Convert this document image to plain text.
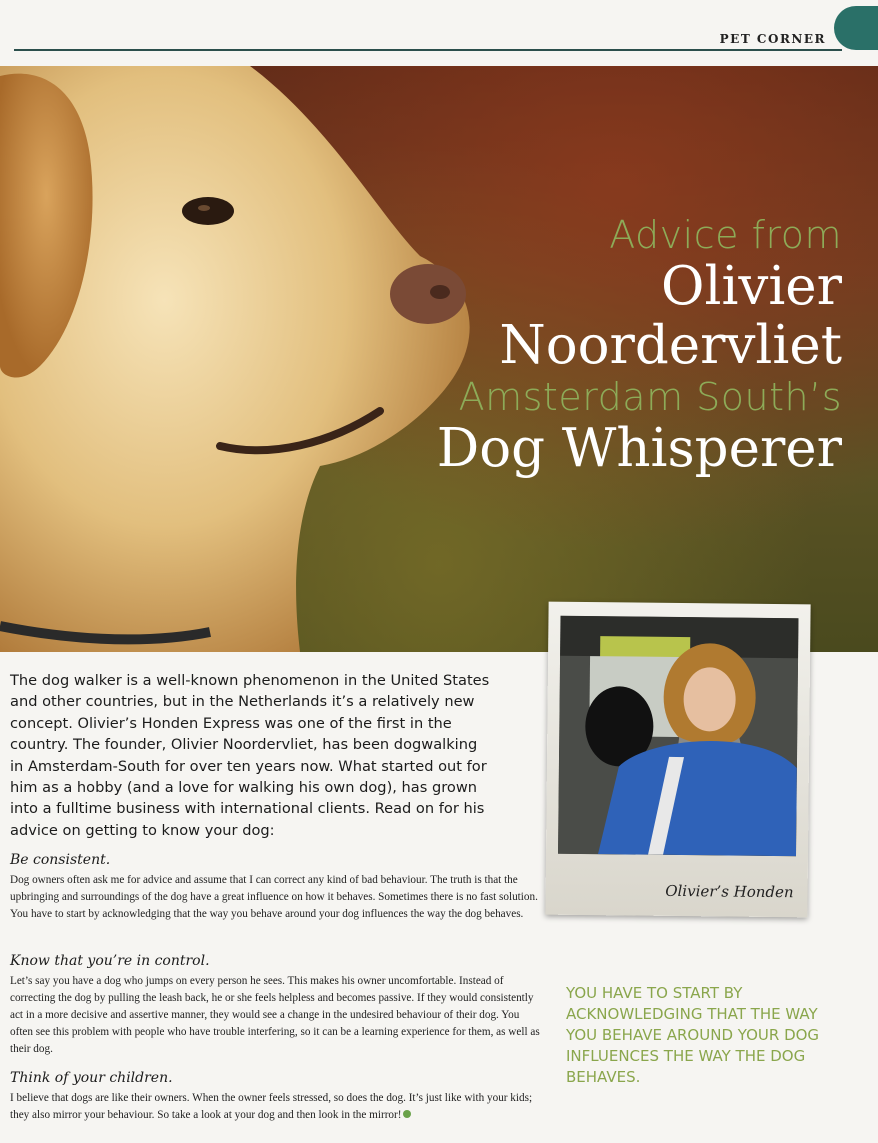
PET CORNER
Advice from
Olivier
Noordervliet
Amsterdam South’s
Dog Whisperer
Olivier’s Honden

The dog walker is a well-known phenomenon in the United States and other countries, but in the Netherlands it’s a relatively new concept. Olivier’s Honden Express was one of the first in the country. The founder, Olivier Noordervliet, has been dogwalking in Amsterdam-South for over ten years now. What started out for him as a hobby (and a love for walking his own dog), has grown into a fulltime business with international clients. Read on for his advice on getting to know your dog:

Be consistent.

Dog owners often ask me for advice and assume that I can correct any kind of bad behaviour. The truth is that the upbringing and surroundings of the dog have a great influence on how it behaves. Sometimes there is no fast solution. You have to start by acknowledging that the way you behave around your dog influences the way the dog behaves.

Know that you’re in control.

Let’s say you have a dog who jumps on every person he sees. This makes his owner uncomfortable. Instead of correcting the dog by pulling the leash back, he or she feels helpless and becomes passive. If they would consistently act in a more decisive and assertive manner, they would see a change in the undesired behaviour of their dog. You often see this problem with people who have trouble interfering, so it can be a learning experience for them, as well as their dog.

Think of your children.

I believe that dogs are like their owners. When the owner feels stressed, so does the dog. It’s just like with your kids; they also mirror your behaviour. So take a look at your dog and then look in the mirror!

YOU HAVE TO START BY ACKNOWLEDGING THAT THE WAY YOU BEHAVE AROUND YOUR DOG INFLUENCES THE WAY THE DOG BEHAVES.
